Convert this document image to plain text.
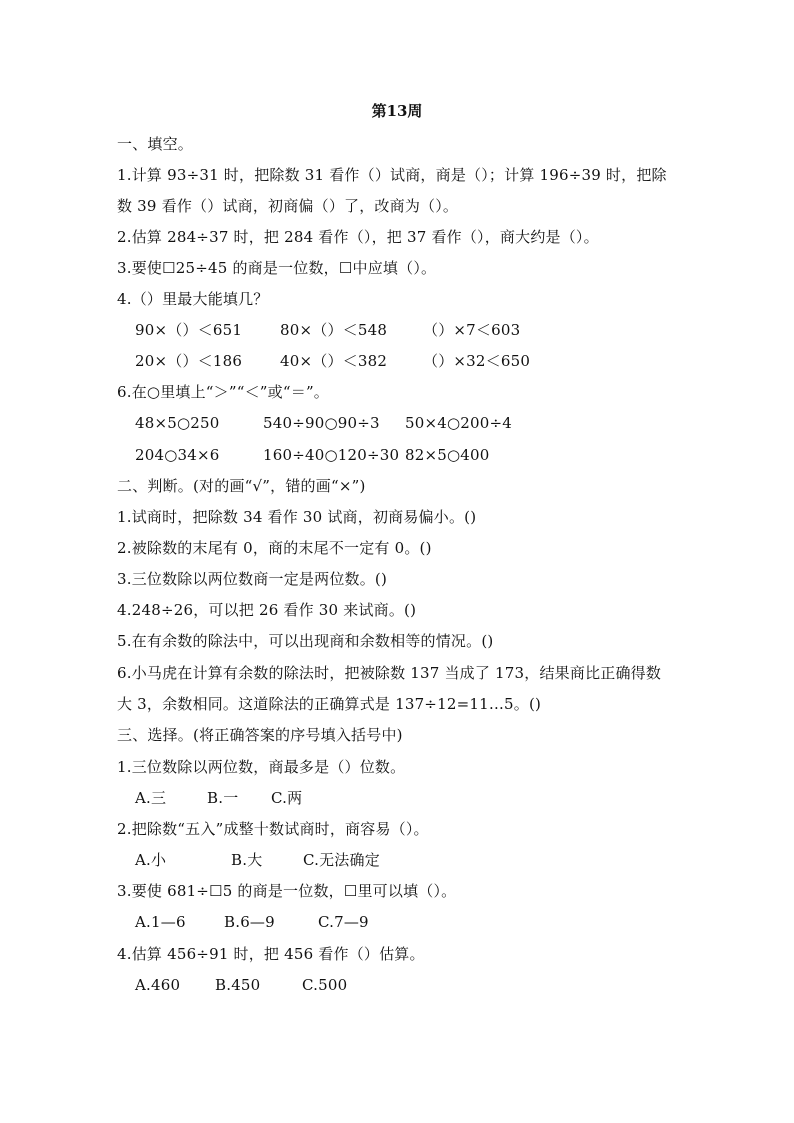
第13周
一、填空。
1.计算 93÷31 时，把除数 31 看作（）试商，商是（）；计算 196÷39 时，把除
数 39 看作（）试商，初商偏（）了，改商为（）。
2.估算 284÷37 时，把 284 看作（），把 37 看作（），商大约是（）。
3.要使☐25÷45 的商是一位数，☐中应填（）。
4.（）里最大能填几？
90×（）＜651	80×（）＜548 （）×7＜603
20×（）＜186	40×（）＜382 （）×32＜650
6.在○里填上“＞”“＜”或“＝”。
48×5○250	540÷90○90÷3 50×4○200÷4
204○34×6	160÷40○120÷30 82×5○400
二、判断。(对的画“√”，错的画“×”)
1.试商时，把除数 34 看作 30 试商，初商易偏小。()
2.被除数的末尾有 0，商的末尾不一定有 0。()
3.三位数除以两位数商一定是两位数。()
4.248÷26，可以把 26 看作 30 来试商。()
5.在有余数的除法中，可以出现商和余数相等的情况。()
6.小马虎在计算有余数的除法时，把被除数 137 当成了 173，结果商比正确得数
大 3，余数相同。这道除法的正确算式是 137÷12=11…5。()
三、选择。(将正确答案的序号填入括号中)
1.三位数除以两位数，商最多是（）位数。
A.三	B.一 C.两
2.把除数“五入”成整十数试商时，商容易（）。
A.小	B.大	C.无法确定
3.要使 681÷☐5 的商是一位数，☐里可以填（）。
A.1—6	B.6—9	C.7—9
4.估算 456÷91 时，把 456 看作（）估算。
A.460 B.450	C.500
